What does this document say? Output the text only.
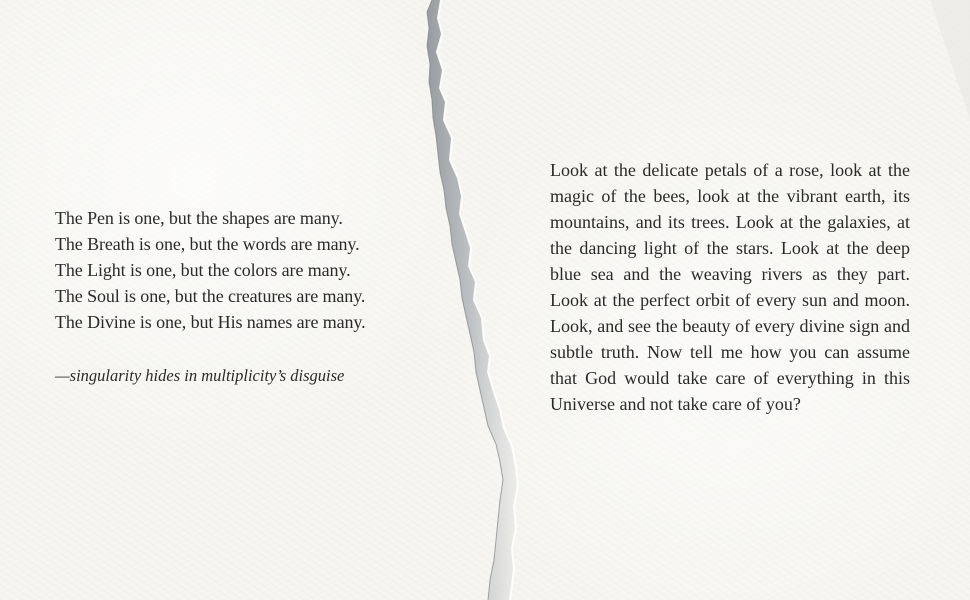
The Pen is one, but the shapes are many.
The Breath is one, but the words are many.
The Light is one, but the colors are many.
The Soul is one, but the creatures are many.
The Divine is one, but His names are many.
—singularity hides in multiplicity’s disguise
Look at the delicate petals of a rose, look at the magic of the bees, look at the vibrant earth, its mountains, and its trees. Look at the galaxies, at the dancing light of the stars. Look at the deep blue sea and the weaving rivers as they part. Look at the perfect orbit of every sun and moon. Look, and see the beauty of every divine sign and subtle truth. Now tell me how you can assume that God would take care of everything in this Universe and not take care of you?
